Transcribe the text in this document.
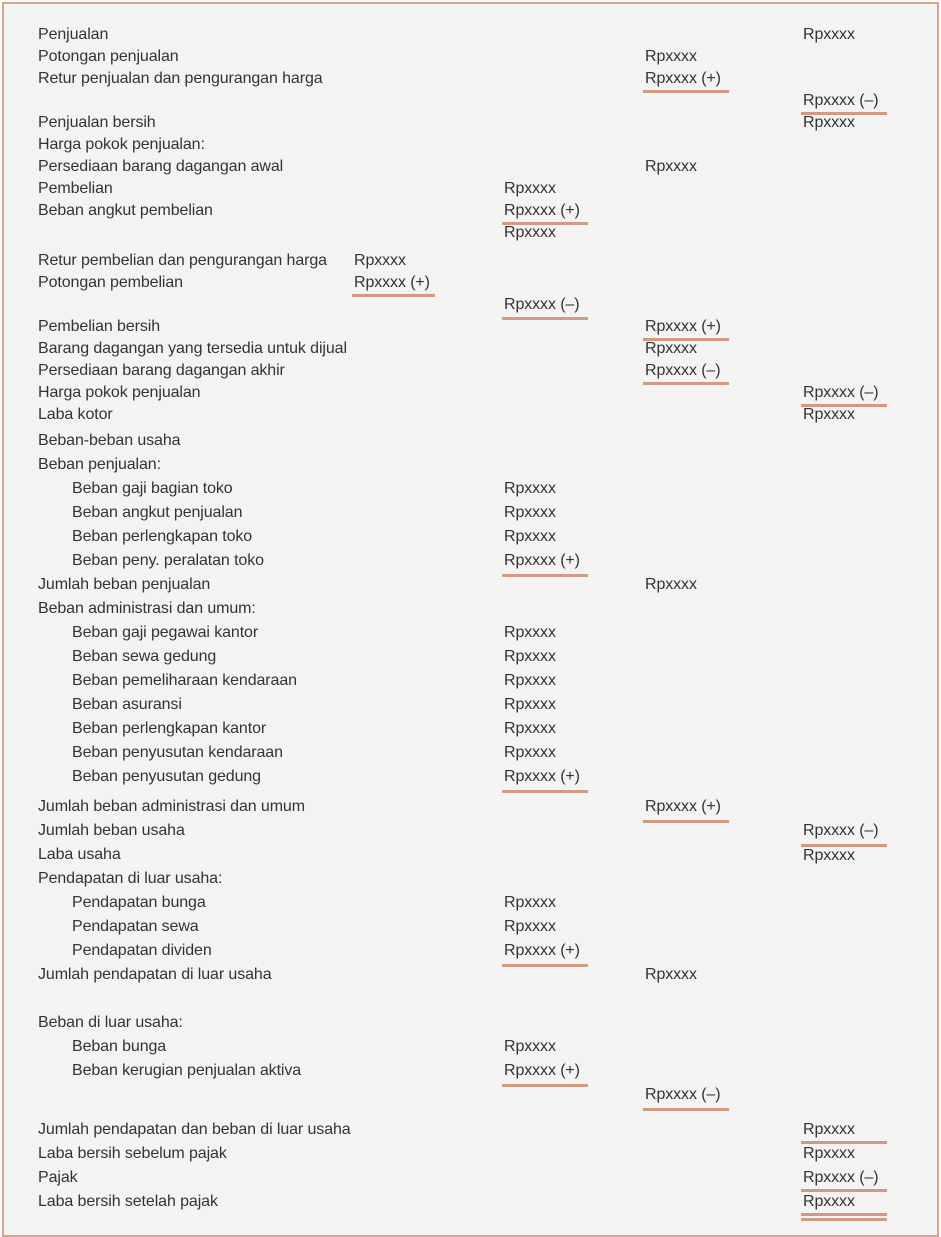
Penjualan	Rpxxxx
Potongan penjualan	Rpxxxx
Retur penjualan dan pengurangan harga	Rpxxxx (+)
Rpxxxx (–)
Penjualan bersih	Rpxxxx
Harga pokok penjualan:
Persediaan barang dagangan awal	Rpxxxx
Pembelian	Rpxxxx
Beban angkut pembelian	Rpxxxx (+)
Rpxxxx
Retur pembelian dan pengurangan harga Rpxxxx
Potongan pembelian	Rpxxxx (+)
Rpxxxx (–)
Pembelian bersih	Rpxxxx (+)
Barang dagangan yang tersedia untuk dijual	Rpxxxx
Persediaan barang dagangan akhir	Rpxxxx (–)
Harga pokok penjualan	Rpxxxx (–)
Laba kotor	Rpxxxx
Beban-beban usaha
Beban penjualan:
Beban gaji bagian toko	Rpxxxx
Beban angkut penjualan	Rpxxxx
Beban perlengkapan toko	Rpxxxx
Beban peny. peralatan toko	Rpxxxx (+)
Jumlah beban penjualan	Rpxxxx
Beban administrasi dan umum:
Beban gaji pegawai kantor	Rpxxxx
Beban sewa gedung	Rpxxxx
Beban pemeliharaan kendaraan	Rpxxxx
Beban asuransi	Rpxxxx
Beban perlengkapan kantor	Rpxxxx
Beban penyusutan kendaraan	Rpxxxx
Beban penyusutan gedung	Rpxxxx (+)
Jumlah beban administrasi dan umum	Rpxxxx (+)
Jumlah beban usaha	Rpxxxx (–)
Laba usaha	Rpxxxx
Pendapatan di luar usaha:
Pendapatan bunga	Rpxxxx
Pendapatan sewa	Rpxxxx
Pendapatan dividen	Rpxxxx (+)
Jumlah pendapatan di luar usaha	Rpxxxx
Beban di luar usaha:
Beban bunga	Rpxxxx
Beban kerugian penjualan aktiva	Rpxxxx (+)
Rpxxxx (–)
Jumlah pendapatan dan beban di luar usaha	Rpxxxx
Laba bersih sebelum pajak	Rpxxxx
Pajak	Rpxxxx (–)
Laba bersih setelah pajak	Rpxxxx
